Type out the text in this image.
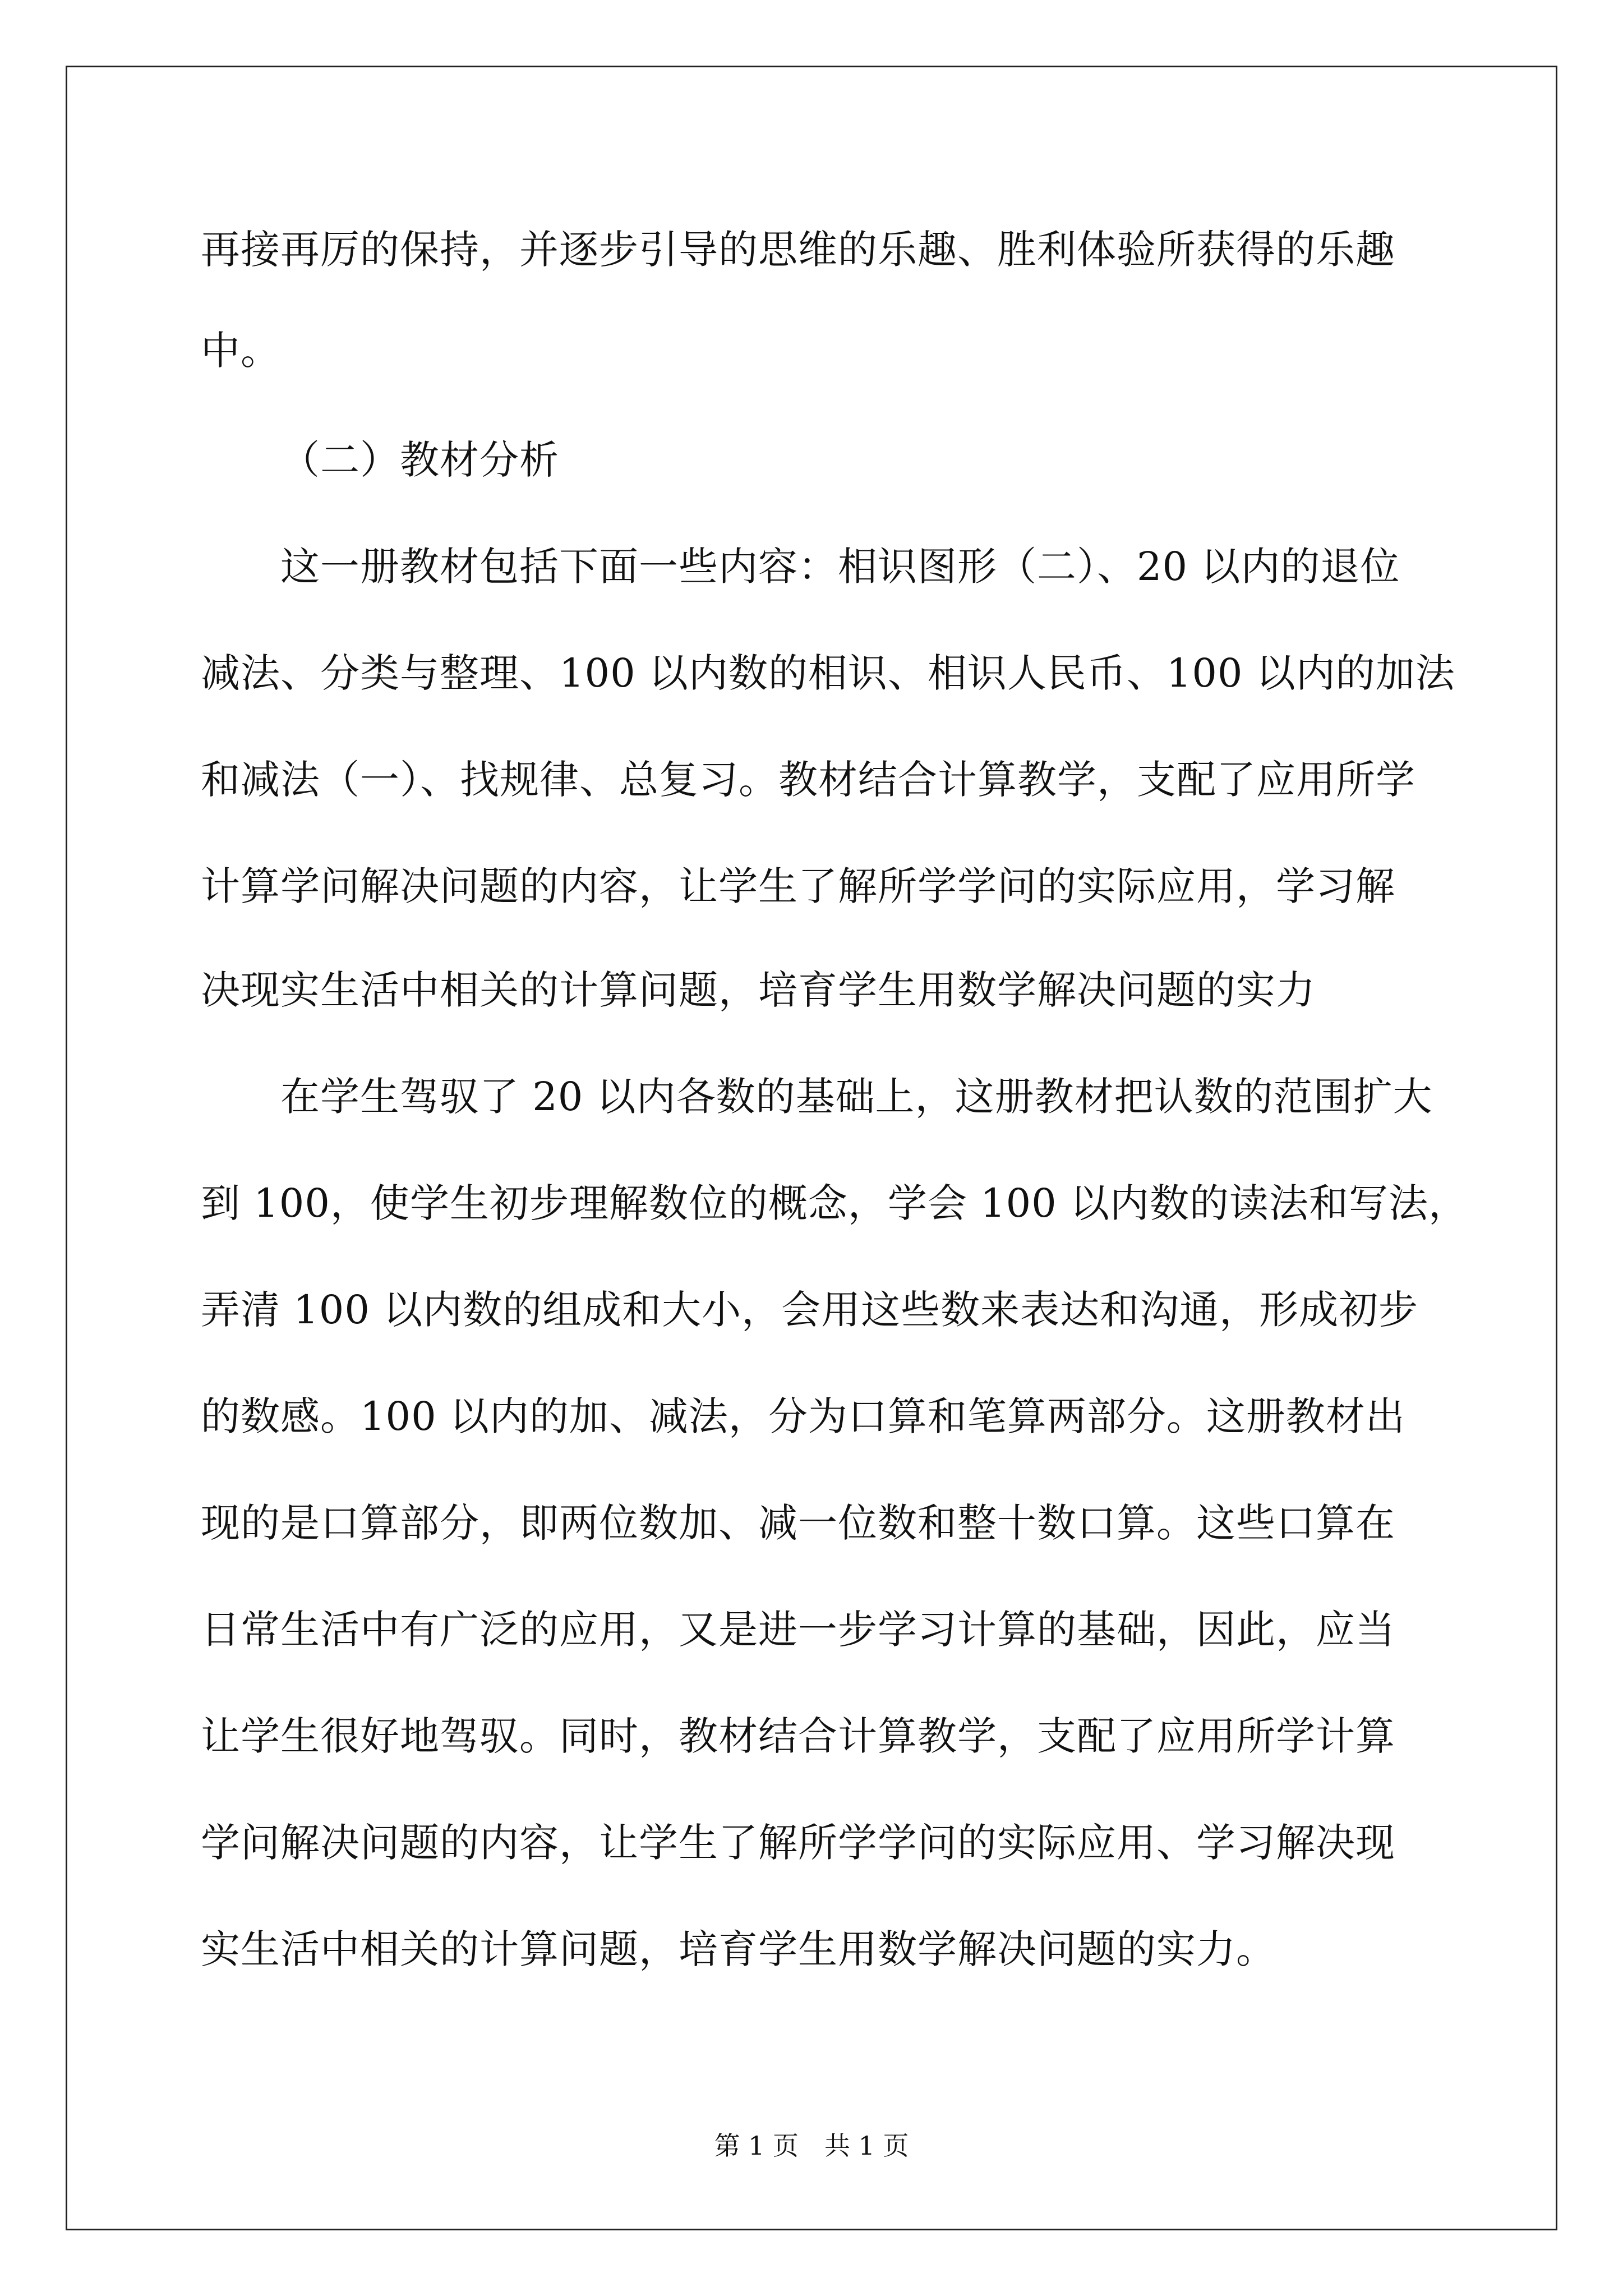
再接再厉的保持，并逐步引导的思维的乐趣、胜利体验所获得的乐趣
中。
（二）教材分析
这一册教材包括下面一些内容：相识图形（二）、20 以内的退位
减法、分类与整理、100 以内数的相识、相识人民币、100 以内的加法
和减法（一）、找规律、总复习。教材结合计算教学，支配了应用所学
计算学问解决问题的内容，让学生了解所学学问的实际应用，学习解
决现实生活中相关的计算问题，培育学生用数学解决问题的实力
在学生驾驭了 20 以内各数的基础上，这册教材把认数的范围扩大
到 100，使学生初步理解数位的概念，学会 100 以内数的读法和写法，
弄清 100 以内数的组成和大小，会用这些数来表达和沟通，形成初步
的数感。100 以内的加、减法，分为口算和笔算两部分。这册教材出
现的是口算部分，即两位数加、减一位数和整十数口算。这些口算在
日常生活中有广泛的应用，又是进一步学习计算的基础，因此，应当
让学生很好地驾驭。同时，教材结合计算教学，支配了应用所学计算
学问解决问题的内容，让学生了解所学学问的实际应用、学习解决现
实生活中相关的计算问题，培育学生用数学解决问题的实力。
第 1 页　共 1 页
